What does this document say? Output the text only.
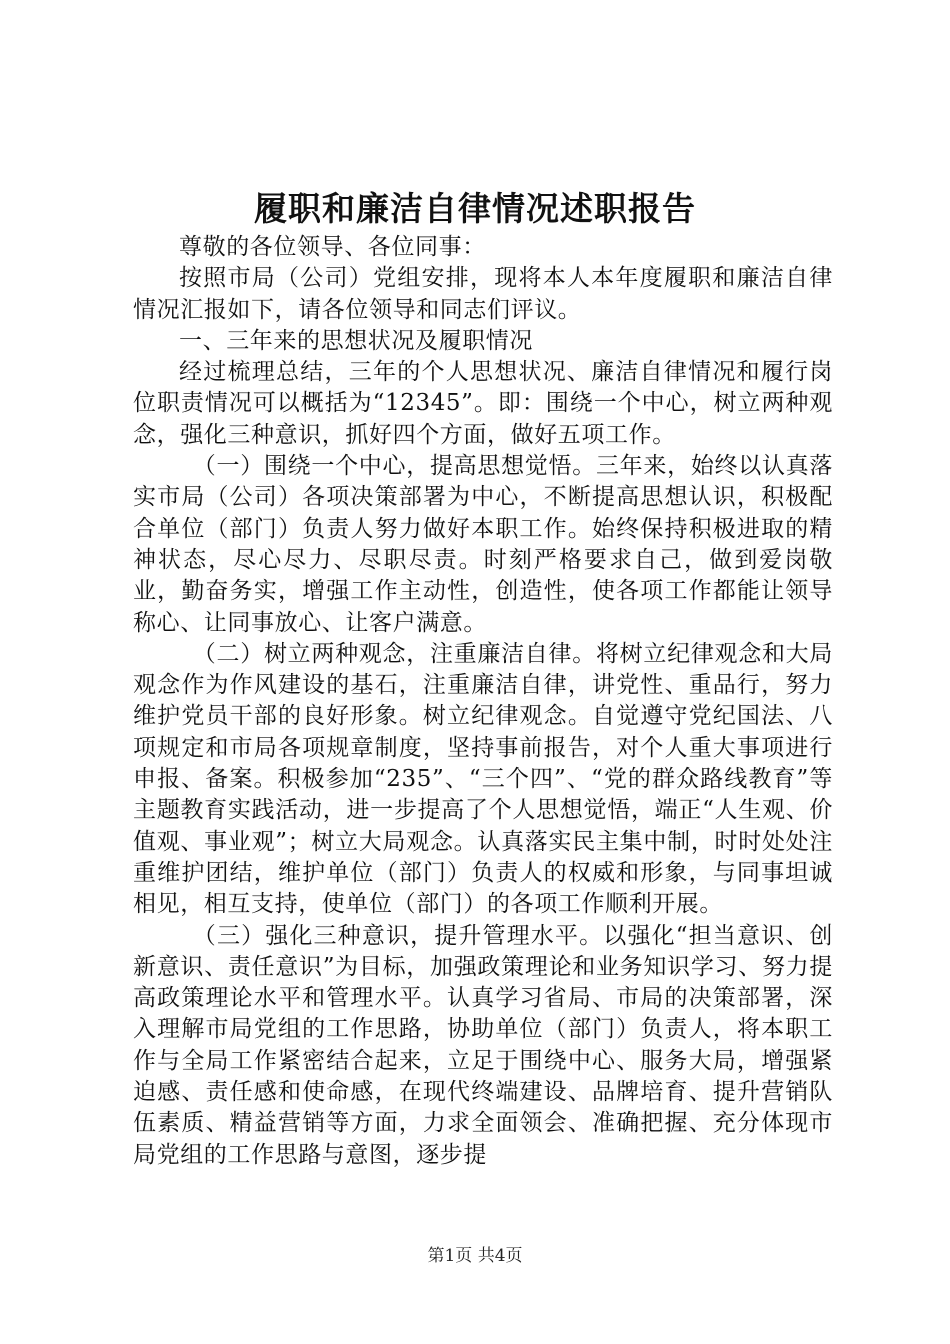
履职和廉洁自律情况述职报告

尊敬的各位领导、各位同事：

按照市局（公司）党组安排，现将本人本年度履职和廉洁自律情况汇报如下，请各位领导和同志们评议。

一、三年来的思想状况及履职情况

经过梳理总结，三年的个人思想状况、廉洁自律情况和履行岗位职责情况可以概括为“12345”。即：围绕一个中心，树立两种观念，强化三种意识，抓好四个方面，做好五项工作。

（一）围绕一个中心，提高思想觉悟。三年来，始终以认真落实市局（公司）各项决策部署为中心，不断提高思想认识，积极配合单位（部门）负责人努力做好本职工作。始终保持积极进取的精神状态，尽心尽力、尽职尽责。时刻严格要求自己，做到爱岗敬业，勤奋务实，增强工作主动性，创造性，使各项工作都能让领导称心、让同事放心、让客户满意。

（二）树立两种观念，注重廉洁自律。将树立纪律观念和大局观念作为作风建设的基石，注重廉洁自律，讲党性、重品行，努力维护党员干部的良好形象。树立纪律观念。自觉遵守党纪国法、八项规定和市局各项规章制度，坚持事前报告，对个人重大事项进行申报、备案。积极参加“235”、“三个四”、“党的群众路线教育”等主题教育实践活动，进一步提高了个人思想觉悟，端正“人生观、价值观、事业观”；树立大局观念。认真落实民主集中制，时时处处注重维护团结，维护单位（部门）负责人的权威和形象，与同事坦诚相见，相互支持，使单位（部门）的各项工作顺利开展。

（三）强化三种意识，提升管理水平。以强化“担当意识、创新意识、责任意识”为目标，加强政策理论和业务知识学习、努力提高政策理论水平和管理水平。认真学习省局、市局的决策部署，深入理解市局党组的工作思路，协助单位（部门）负责人，将本职工作与全局工作紧密结合起来，立足于围绕中心、服务大局，增强紧迫感、责任感和使命感，在现代终端建设、品牌培育、提升营销队伍素质、精益营销等方面，力求全面领会、准确把握、充分体现市局党组的工作思路与意图，逐步提

第1页 共4页
